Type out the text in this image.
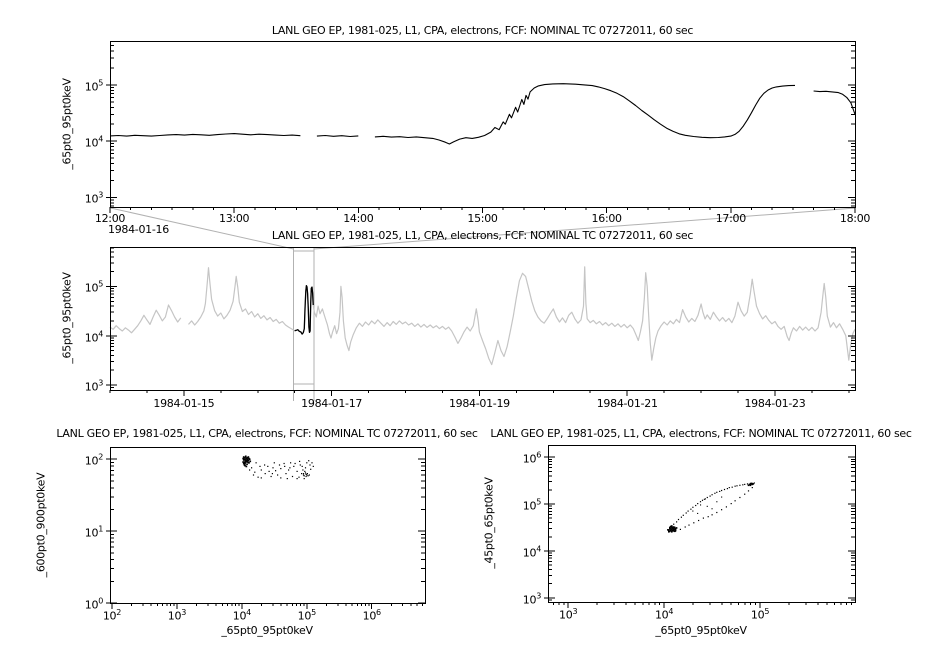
LANL GEO EP, 1981-025, L1, CPA, electrons, FCF: NOMINAL TC 07272011, 60 sec
LANL GEO EP, 1981-025, L1, CPA, electrons, FCF: NOMINAL TC 07272011, 60 sec
LANL GEO EP, 1981-025, L1, CPA, electrons, FCF: NOMINAL TC 07272011, 60 sec	LANL GEO EP, 1981-025, L1, CPA, electrons, FCF: NOMINAL TC 07272011, 60 sec
_65pt0_95pt0keV
_65pt0_95pt0keV
_600pt0_900pt0keV	_45pt0_65pt0keV
_65pt0_95pt0keV	_65pt0_95pt0keV
1984-01-16
$10^3$
$10^4$
$10^5$
12:00	13:00	14:00	15:00	16:00	17:00	18:00
$10^3$
$10^4$
$10^5$
1984-01-15	1984-01-17	1984-01-19	1984-01-21	1984-01-23
$10^0$
$10^1$
$10^2$
$10^2$	$10^3$	$10^4$	$10^5$	$10^6$
$10^3$
$10^4$
$10^5$
$10^6$
$10^3$	$10^4$	$10^5$
